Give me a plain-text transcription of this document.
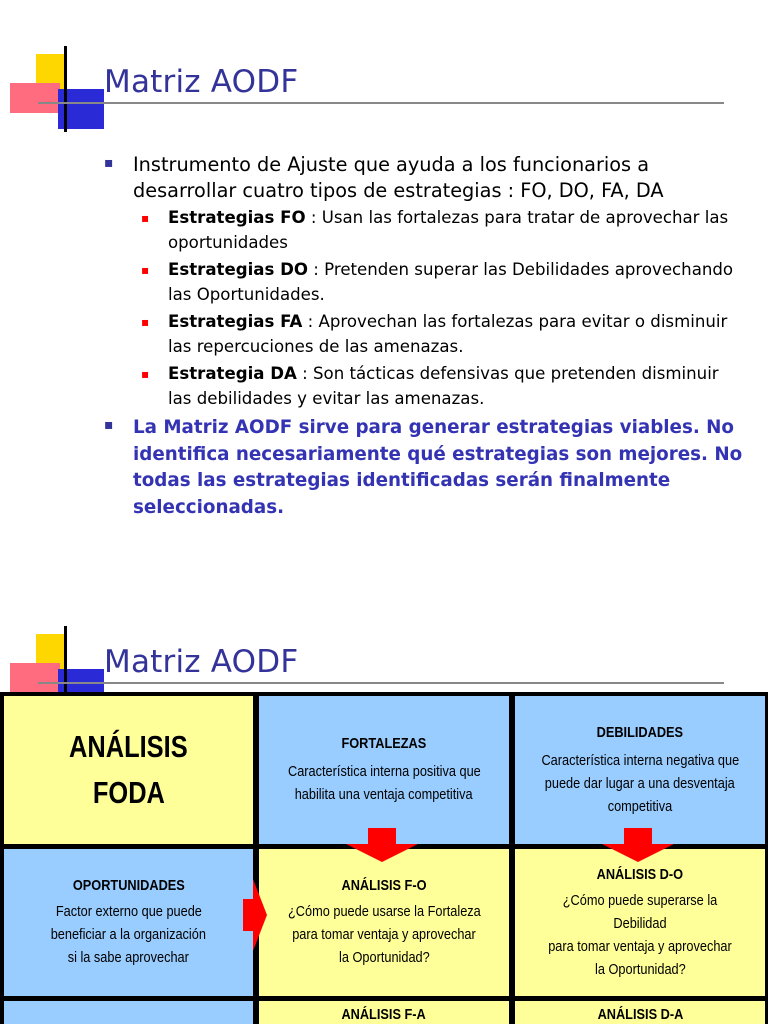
Matriz AODF
▪ Instrumento de Ajuste que ayuda a los funcionarios a desarrollar cuatro tipos de estrategias : FO, DO, FA, DA
▪ Estrategias FO : Usan las fortalezas para tratar de aprovechar las oportunidades
▪ Estrategias DO : Pretenden superar las Debilidades aprovechando las Oportunidades.
▪ Estrategias FA : Aprovechan las fortalezas para evitar o disminuir las repercuciones de las amenazas.
▪ Estrategia DA : Son tácticas defensivas que pretenden disminuir las debilidades y evitar las amenazas.
▪ La Matriz AODF sirve para generar estrategias viables. No identifica necesariamente qué estrategias son mejores. No todas las estrategias identificadas serán finalmente seleccionadas.
Matriz AODF
ANÁLISIS
FODA
FORTALEZAS
Característica interna positiva que
habilita una ventaja competitiva
DEBILIDADES
Característica interna negativa que
puede dar lugar a una desventaja
competitiva
OPORTUNIDADES
Factor externo que puede
beneficiar a la organización
si la sabe aprovechar
ANÁLISIS F-O
¿Cómo puede usarse la Fortaleza
para tomar ventaja y aprovechar
la Oportunidad?
ANÁLISIS D-O
¿Cómo puede superarse la Debilidad
para tomar ventaja y aprovechar
la Oportunidad?
ANÁLISIS F-A	ANÁLISIS D-A
